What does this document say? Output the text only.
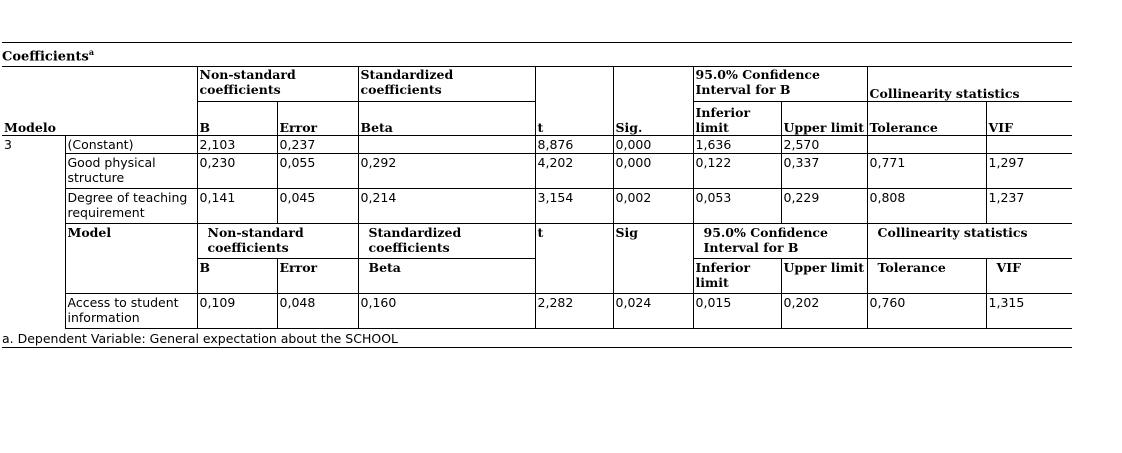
Coefficients$^a$
Modelo		Non-standard coefficients		Standardized coefficients	t	Sig.	95.0% Confidence Interval for B		Collinearity statistics	
		B	Error	Beta			Inferior limit	Upper limit	Tolerance	VIF
3	(Constant)	2,103	0,237		8,876	0,000	1,636	2,570		
	Good physical structure	0,230	0,055	0,292	4,202	0,000	0,122	0,337	0,771	1,297
	Degree of teaching requirement	0,141	0,045	0,214	3,154	0,002	0,053	0,229	0,808	1,237
	Model	Non-standard coefficients		Standardized coefficients	t	Sig	95.0% Confidence Interval for B		Collinearity statistics	
		B	Error	Beta			Inferior limit	Upper limit	Tolerance	VIF
	Access to student information	0,109	0,048	0,160	2,282	0,024	0,015	0,202	0,760	1,315
a. Dependent Variable: General expectation about the SCHOOL
